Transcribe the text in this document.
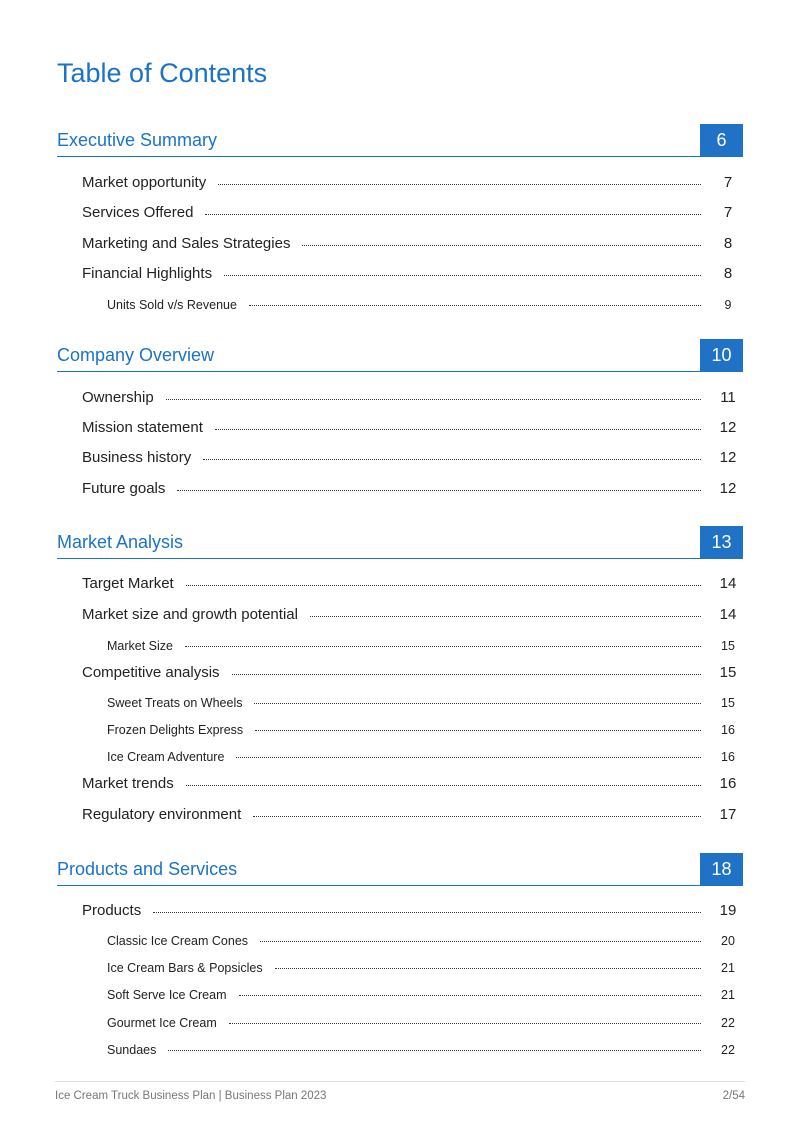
Table of Contents
Executive Summary	6
Market opportunity	7
Services Offered	7
Marketing and Sales Strategies	8
Financial Highlights	8
Units Sold v/s Revenue	9
Company Overview	10
Ownership	11
Mission statement	12
Business history	12
Future goals	12
Market Analysis	13
Target Market	14
Market size and growth potential	14
Market Size	15
Competitive analysis	15
Sweet Treats on Wheels	15
Frozen Delights Express	16
Ice Cream Adventure	16
Market trends	16
Regulatory environment	17
Products and Services	18
Products	19
Classic Ice Cream Cones	20
Ice Cream Bars & Popsicles	21
Soft Serve Ice Cream	21
Gourmet Ice Cream	22
Sundaes	22
Ice Cream Truck Business Plan | Business Plan 2023	2/54
